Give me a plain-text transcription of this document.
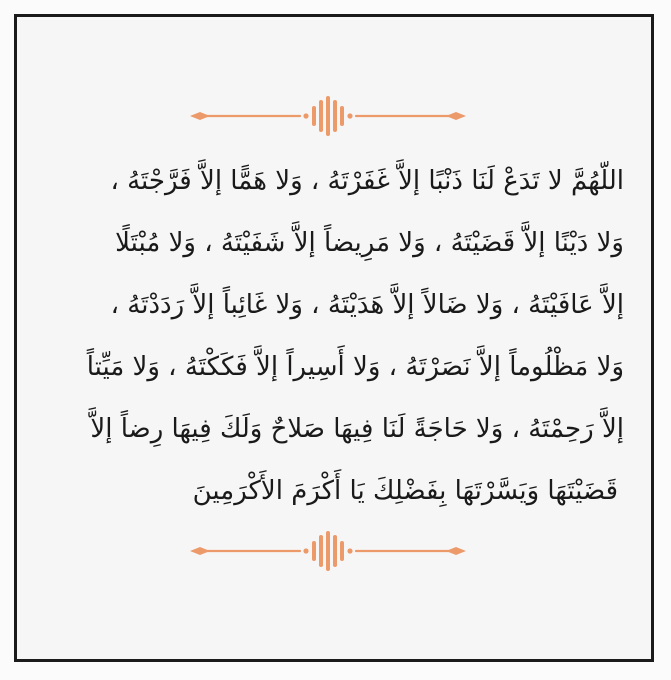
اللّهُمَّ لا تَدَعْ لَنَا ذَنْبًا إلاَّ غَفَرْتَهُ ، وَلا هَمًّا إلاَّ فَرَّجْتَهُ ،
وَلا دَيْنًا إلاَّ قَضَيْتَهُ ، وَلا مَرِيضاً إلاَّ شَفَيْتَهُ ، وَلا مُبْتَلًا
إلاَّ عَافَيْتَهُ ، وَلا ضَالاً إلاَّ هَدَيْتَهُ ، وَلا غَائِباً إلاَّ رَدَدْتَهُ ،
وَلا مَظْلُوماً إلاَّ نَصَرْتَهُ ، وَلا أَسِيراً إلاَّ فَكَكْتَهُ ، وَلا مَيِّتاً
إلاَّ رَحِمْتَهُ ، وَلا حَاجَةً لَنَا فِيهَا صَلاحٌ وَلَكَ فِيهَا رِضاً إلاَّ
قَضَيْتَهَا وَيَسَّرْتَهَا بِفَضْلِكَ يَا أَكْرَمَ الأَكْرَمِينَ
